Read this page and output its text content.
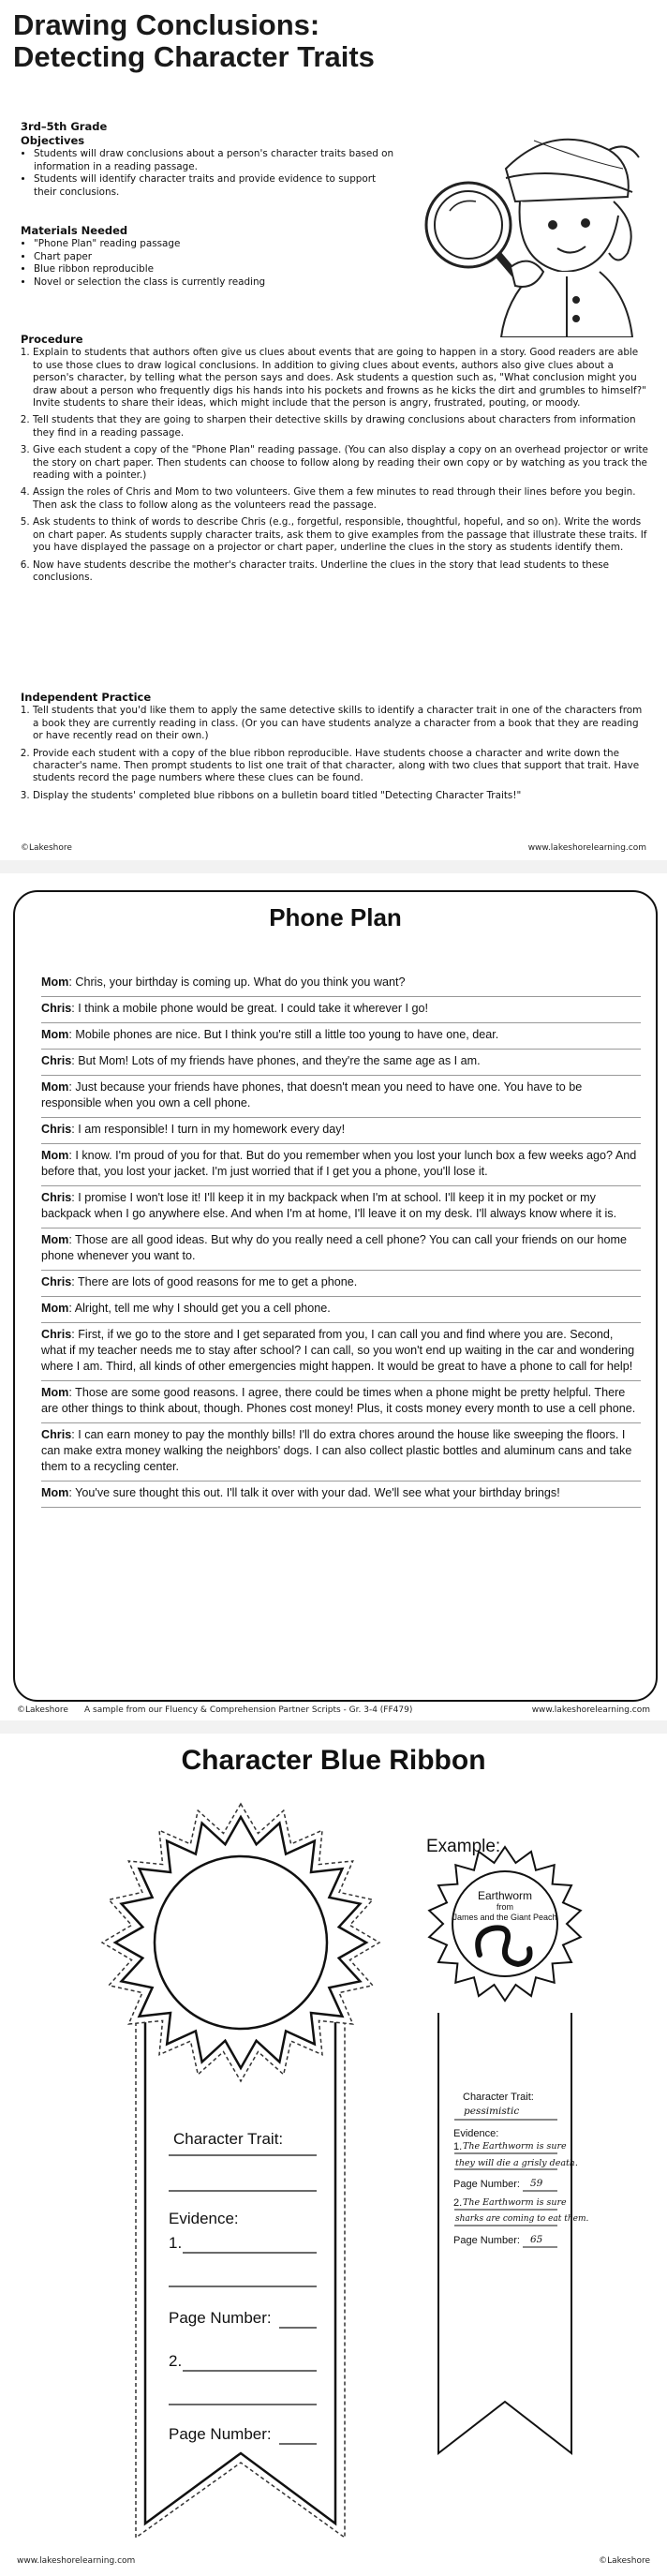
Drawing Conclusions:
Detecting Character Traits
3rd–5th Grade
Objectives
• Students will draw conclusions about a person's character traits based on information in a reading passage.
• Students will identify character traits and provide evidence to support their conclusions.
Materials Needed
• "Phone Plan" reading passage
• Chart paper
• Blue ribbon reproducible
• Novel or selection the class is currently reading
Procedure
1. Explain to students that authors often give us clues about events that are going to happen in a story. Good readers are able to use those clues to draw logical conclusions. In addition to giving clues about events, authors also give clues about a person's character, by telling what the person says and does. Ask students a question such as, "What conclusion might you draw about a person who frequently digs his hands into his pockets and frowns as he kicks the dirt and grumbles to himself?" Invite students to share their ideas, which might include that the person is angry, frustrated, pouting, or moody.
2. Tell students that they are going to sharpen their detective skills by drawing conclusions about characters from information they find in a reading passage.
3. Give each student a copy of the "Phone Plan" reading passage. (You can also display a copy on an overhead projector or write the story on chart paper. Then students can choose to follow along by reading their own copy or by watching as you track the reading with a pointer.)
4. Assign the roles of Chris and Mom to two volunteers. Give them a few minutes to read through their lines before you begin. Then ask the class to follow along as the volunteers read the passage.
5. Ask students to think of words to describe Chris (e.g., forgetful, responsible, thoughtful, hopeful, and so on). Write the words on chart paper. As students supply character traits, ask them to give examples from the passage that illustrate these traits. If you have displayed the passage on a projector or chart paper, underline the clues in the story as students identify them.
6. Now have students describe the mother's character traits. Underline the clues in the story that lead students to these conclusions.
Independent Practice
1. Tell students that you'd like them to apply the same detective skills to identify a character trait in one of the characters from a book they are currently reading in class. (Or you can have students analyze a character from a book that they are reading or have recently read on their own.)
2. Provide each student with a copy of the blue ribbon reproducible. Have students choose a character and write down the character's name. Then prompt students to list one trait of that character, along with two clues that support that trait. Have students record the page numbers where these clues can be found.
3. Display the students' completed blue ribbons on a bulletin board titled "Detecting Character Traits!"
©Lakeshore	www.lakeshorelearning.com
Phone Plan
Mom: Chris, your birthday is coming up. What do you think you want?
Chris: I think a mobile phone would be great. I could take it wherever I go!
Mom: Mobile phones are nice. But I think you're still a little too young to have one, dear.
Chris: But Mom! Lots of my friends have phones, and they're the same age as I am.
Mom: Just because your friends have phones, that doesn't mean you need to have one. You have to be responsible when you own a cell phone.
Chris: I am responsible! I turn in my homework every day!
Mom: I know. I'm proud of you for that. But do you remember when you lost your lunch box a few weeks ago? And before that, you lost your jacket. I'm just worried that if I get you a phone, you'll lose it.
Chris: I promise I won't lose it! I'll keep it in my backpack when I'm at school. I'll keep it in my pocket or my backpack when I go anywhere else. And when I'm at home, I'll leave it on my desk. I'll always know where it is.
Mom: Those are all good ideas. But why do you really need a cell phone? You can call your friends on our home phone whenever you want to.
Chris: There are lots of good reasons for me to get a phone.
Mom: Alright, tell me why I should get you a cell phone.
Chris: First, if we go to the store and I get separated from you, I can call you and find where you are. Second, what if my teacher needs me to stay after school? I can call, so you won't end up waiting in the car and wondering where I am. Third, all kinds of other emergencies might happen. It would be great to have a phone to call for help!
Mom: Those are some good reasons. I agree, there could be times when a phone might be pretty helpful. There are other things to think about, though. Phones cost money! Plus, it costs money every month to use a cell phone.
Chris: I can earn money to pay the monthly bills! I'll do extra chores around the house like sweeping the floors. I can make extra money walking the neighbors' dogs. I can also collect plastic bottles and aluminum cans and take them to a recycling center.
Mom: You've sure thought this out. I'll talk it over with your dad. We'll see what your birthday brings!
©Lakeshore A sample from our Fluency & Comprehension Partner Scripts - Gr. 3-4 (FF479)	www.lakeshorelearning.com
Character Blue Ribbon
Character Trait:
Evidence:
1.
Page Number:
2.
Page Number:
Example:
Earthworm
from
James and the Giant Peach
Character Trait:
pessimistic
Evidence:
1. The Earthworm is sure
they will die a grisly death.
Page Number: 59
2. The Earthworm is sure
sharks are coming to eat them.
Page Number: 65
www.lakeshorelearning.com	©Lakeshore
